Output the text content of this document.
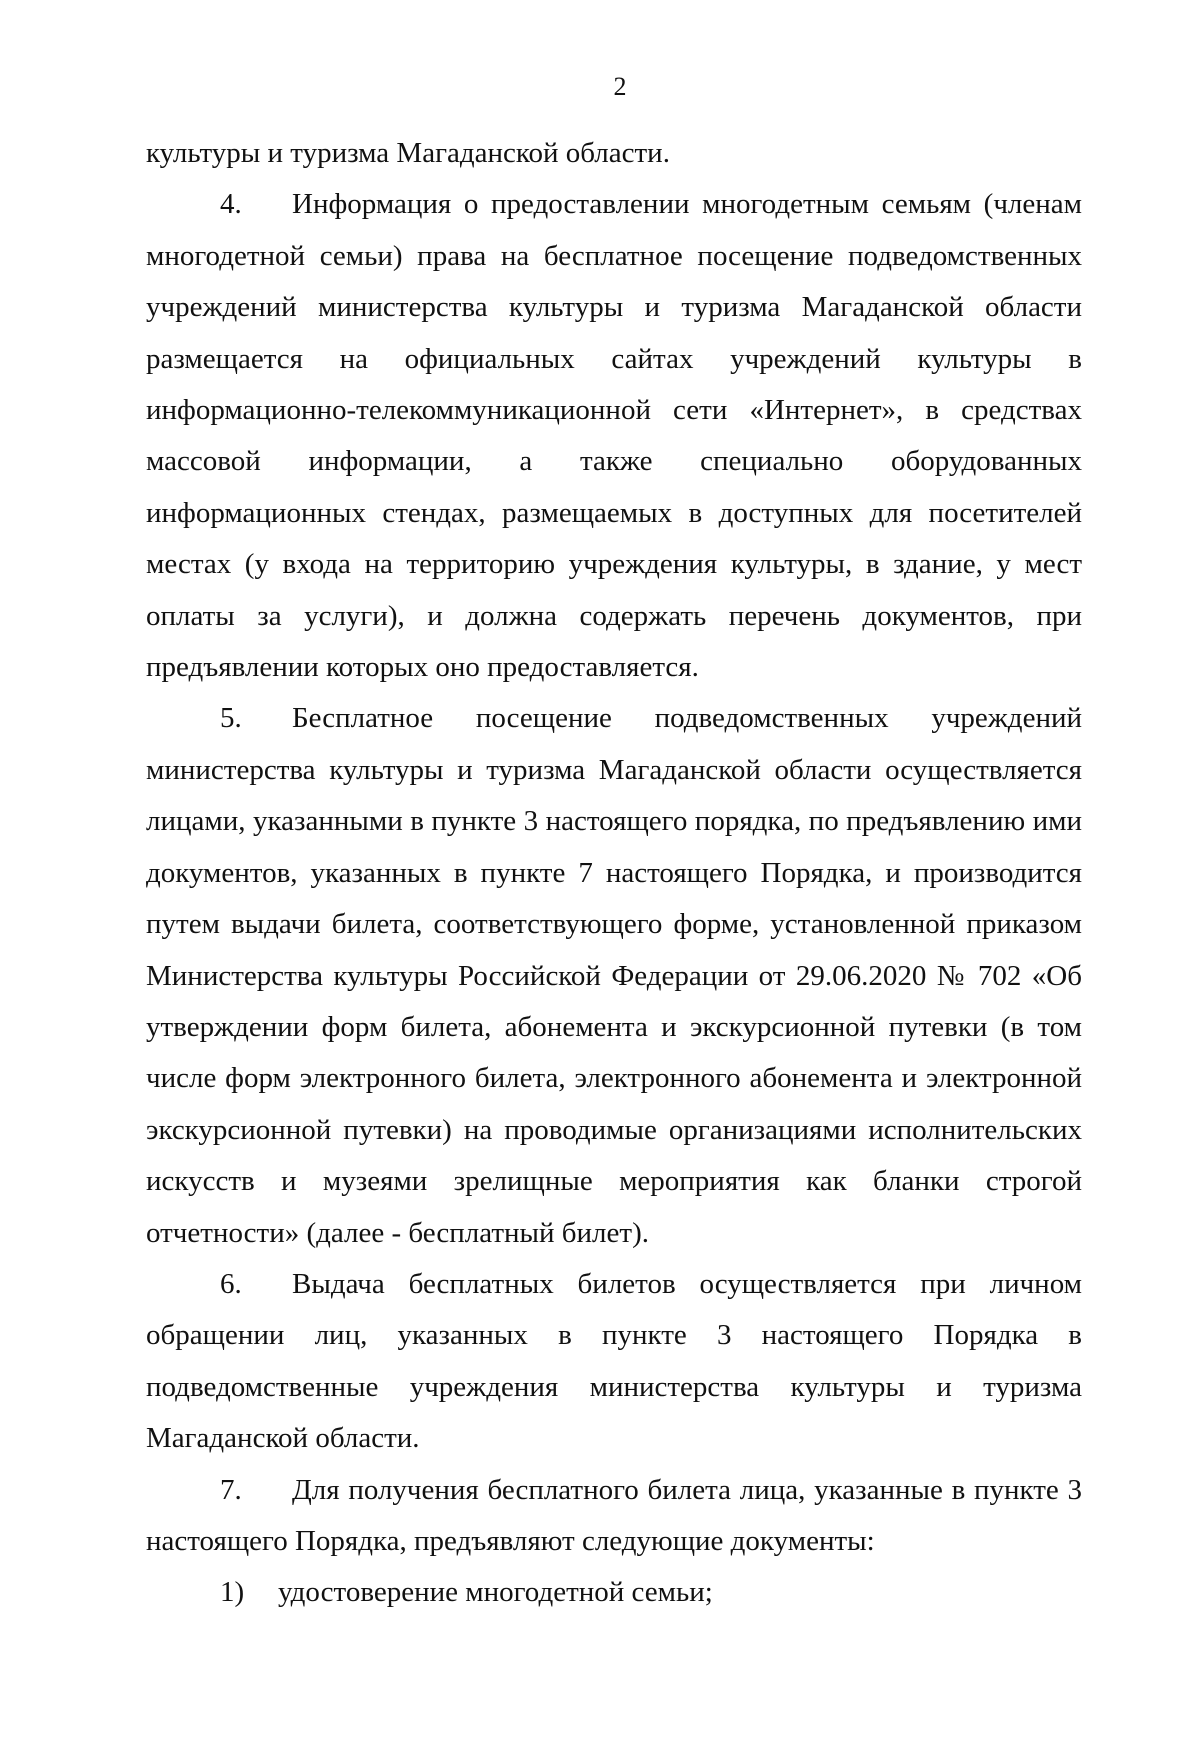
2

культуры и туризма Магаданской области.

4. Информация о предоставлении многодетным семьям (членам многодетной семьи) права на бесплатное посещение подведомственных учреждений министерства культуры и туризма Магаданской области размещается на официальных сайтах учреждений культуры в информационно-телекоммуникационной сети «Интернет», в средствах массовой информации, а также специально оборудованных информационных стендах, размещаемых в доступных для посетителей местах (у входа на территорию учреждения культуры, в здание, у мест оплаты за услуги), и должна содержать перечень документов, при предъявлении которых оно предоставляется.

5. Бесплатное посещение подведомственных учреждений министерства культуры и туризма Магаданской области осуществляется лицами, указанными в пункте 3 настоящего порядка, по предъявлению ими документов, указанных в пункте 7 настоящего Порядка, и производится путем выдачи билета, соответствующего форме, установленной приказом Министерства культуры Российской Федерации от 29.06.2020 № 702 «Об утверждении форм билета, абонемента и экскурсионной путевки (в том числе форм электронного билета, электронного абонемента и электронной экскурсионной путевки) на проводимые организациями исполнительских искусств и музеями зрелищные мероприятия как бланки строгой отчетности» (далее - бесплатный билет).

6. Выдача бесплатных билетов осуществляется при личном обращении лиц, указанных в пункте 3 настоящего Порядка в подведомственные учреждения министерства культуры и туризма Магаданской области.

7. Для получения бесплатного билета лица, указанные в пункте 3 настоящего Порядка, предъявляют следующие документы:

1) удостоверение многодетной семьи;
